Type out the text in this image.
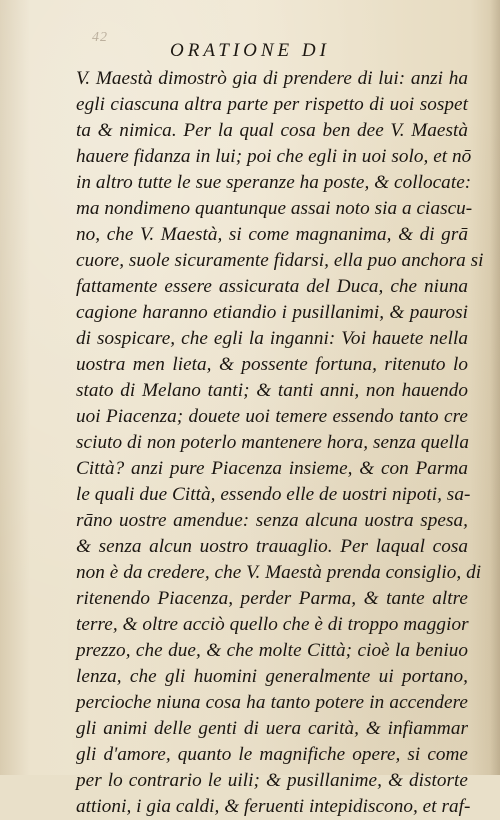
42
ORATIONE DI
V. Maestà dimostrò gia di prendere di lui: anzi ha
egli ciascuna altra parte per rispetto di uoi sospet
ta & nimica. Per la qual cosa ben dee V. Maestà
hauere fidanza in lui; poi che egli in uoi solo, et nō
in altro tutte le sue speranze ha poste, & collocate:
ma nondimeno quantunque assai noto sia a ciascu-
no, che V. Maestà, si come magnanima, & di grā
cuore, suole sicuramente fidarsi, ella puo anchora si
fattamente essere assicurata del Duca, che niuna
cagione haranno etiandio i pusillanimi, & paurosi
di sospicare, che egli la inganni: Voi hauete nella
uostra men lieta, & possente fortuna, ritenuto lo
stato di Melano tanti; & tanti anni, non hauendo
uoi Piacenza; douete uoi temere essendo tanto cre
sciuto di non poterlo mantenere hora, senza quella
Città? anzi pure Piacenza insieme, & con Parma
le quali due Città, essendo elle de uostri nipoti, sa-
rāno uostre amendue: senza alcuna uostra spesa,
& senza alcun uostro trauaglio. Per laqual cosa
non è da credere, che V. Maestà prenda consiglio, di
ritenendo Piacenza, perder Parma, & tante altre
terre, & oltre acciò quello che è di troppo maggior
prezzo, che due, & che molte Città; cioè la beniuo
lenza, che gli huomini generalmente ui portano,
percioche niuna cosa ha tanto potere in accendere
gli animi delle genti di uera carità, & infiammar
gli d'amore, quanto le magnifiche opere, si come
per lo contrario le uili; & pusillanime, & distorte
attioni, i gia caldi, & feruenti intepidiscono, et raf-
